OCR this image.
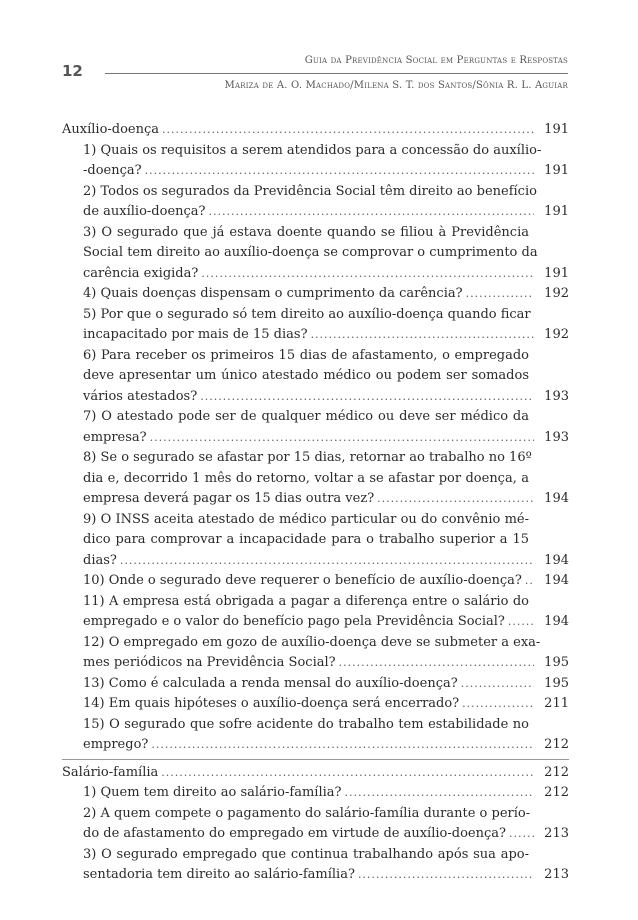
12
Guia da Previdência Social em Perguntas e Respostas
Mariza de A. O. Machado/Milena S. T. dos Santos/Sônia R. L. Aguiar
Auxílio-doença .....	191
1) Quais os requisitos a serem atendidos para a concessão do auxílio-
-doença? .....	191
2) Todos os segurados da Previdência Social têm direito ao benefício
de auxílio-doença? .....	191
3) O segurado que já estava doente quando se filiou à Previdência
Social tem direito ao auxílio-doença se comprovar o cumprimento da
carência exigida? .....	191
4) Quais doenças dispensam o cumprimento da carência? .....	192
5) Por que o segurado só tem direito ao auxílio-doença quando ficar
incapacitado por mais de 15 dias? .....	192
6) Para receber os primeiros 15 dias de afastamento, o empregado
deve apresentar um único atestado médico ou podem ser somados
vários atestados? .....	193
7) O atestado pode ser de qualquer médico ou deve ser médico da
empresa? .....	193
8) Se o segurado se afastar por 15 dias, retornar ao trabalho no 16º
dia e, decorrido 1 mês do retorno, voltar a se afastar por doença, a
empresa deverá pagar os 15 dias outra vez? .....	194
9) O INSS aceita atestado de médico particular ou do convênio mé-
dico para comprovar a incapacidade para o trabalho superior a 15
dias? .....	194
10) Onde o segurado deve requerer o benefício de auxílio-doença? .....	194
11) A empresa está obrigada a pagar a diferença entre o salário do
empregado e o valor do benefício pago pela Previdência Social? .....	194
12) O empregado em gozo de auxílio-doença deve se submeter a exa-
mes periódicos na Previdência Social? .....	195
13) Como é calculada a renda mensal do auxílio-doença? .....	195
14) Em quais hipóteses o auxílio-doença será encerrado? .....	211
15) O segurado que sofre acidente do trabalho tem estabilidade no
emprego? .....	212
Salário-família .....	212
1) Quem tem direito ao salário-família? .....	212
2) A quem compete o pagamento do salário-família durante o perío-
do de afastamento do empregado em virtude de auxílio-doença? .....	213
3) O segurado empregado que continua trabalhando após sua apo-
sentadoria tem direito ao salário-família? .....	213
